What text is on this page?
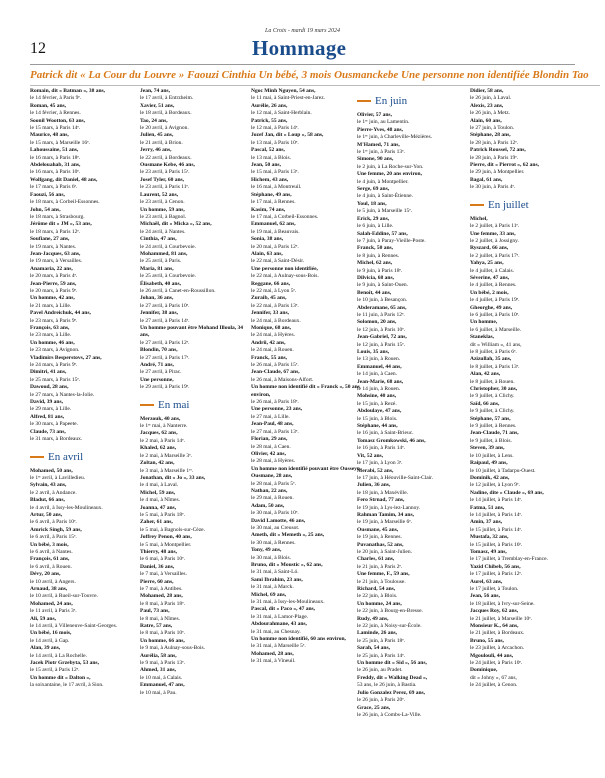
La Croix - mardi 19 mars 2024
12	Hommage
Patrick dit « La Cour du Louvre » Faouzi Cinthia Un bébé, 3 mois Ousmanckebe Une personne non identifiée Blondin Tao
Romain, dit « Batman », 38 ans,
le 14 février, à Paris 9ᵉ.
Roman, 45 ans,
le 14 février, à Rennes.
Soonil Wootton, 63 ans,
le 15 mars, à Paris 14ᵉ.
Maurice, 48 ans,
le 15 mars, à Marseille 16ᵉ.
Lahoussaine, 51 ans,
le 16 mars, à Paris 18ᵉ.
Abdelouahab, 31 ans,
le 16 mars, à Paris 10ᵉ.
Wolfgang, dit Daniel, 48 ans,
le 17 mars, à Paris 6ᵉ.
Faouzi, 56 ans,
le 18 mars, à Corbeil-Essonnes.
John, 54 ans,
le 18 mars, à Strasbourg.
Jérôme dit « JM », 53 ans,
le 18 mars, à Paris 12ᵉ.
Soufiane, 27 ans,
le 19 mars, à Nantes.
Jean-Jacques, 63 ans,
le 19 mars, à Versailles.
Anamaria, 22 ans,
le 20 mars, à Paris 4ᵉ.
Jean-Pierre, 59 ans,
le 20 mars, à Paris 9ᵉ.
Un homme, 42 ans,
le 21 mars, à Lille.
Pavel Andreichuk, 44 ans,
le 23 mars, à Paris 9ᵉ.
François, 63 ans,
le 23 mars, à Lille.
Un homme, 46 ans,
le 23 mars, à Avignon.
Vladimirs Besperstovs, 27 ans,
le 24 mars, à Paris 9ᵉ.
Dimitri, 41 ans,
le 25 mars, à Paris 15ᵉ.
Dawoud, 28 ans,
le 27 mars, à Nantes-la-Jolie.
David, 39 ans,
le 29 mars, à Lille.
Alfred, 81 ans,
le 30 mars, à Papeete.
Claude, 73 ans,
le 31 mars, à Bordeaux.
En avril
Mohamed, 50 ans,
le 1ᵉʳ avril, à Lavilledieu.
Sylvain, 43 ans,
le 2 avril, à Andance.
Bladut, 66 ans,
le 4 avril, à Issy-les-Moulineaux.
Artur, 50 ans,
le 6 avril, à Paris 10ᵉ.
Amrick Singh, 59 ans,
le 6 avril, à Paris 15ᵉ.
Un bébé, 3 mois,
le 6 avril, à Nantes.
François, 61 ans,
le 6 avril, à Rouen.
Dévy, 20 ans,
le 10 avril, à Angers.
Arnaud, 38 ans,
le 10 avril, à Rueil-sur-Touvre.
Mohamed, 24 ans,
le 11 avril, à Paris 3ᵉ.
Ali, 59 ans,
le 14 avril, à Villeneuve-Saint-Georges.
Un bébé, 16 mois,
le 14 avril, à Gap.
Alan, 39 ans,
le 14 avril, à La Rochelle.
Jacek Piotr Grzebyta, 53 ans,
le 15 avril, à Paris 12ᵉ.
Un homme dit « Dalton »,
la soixantaine, le 17 avril, à Sion.
Jean, 74 ans,
le 17 avril, à Entrzheim.
Xavier, 51 ans,
le 18 avril, à Bordeaux.
Tao, 24 ans,
le 20 avril, à Avignon.
Julien, 45 ans,
le 21 avril, à Brion.
Jerry, 46 ans,
le 22 avril, à Bordeaux.
Ousmane Kebe, 46 ans,
le 23 avril, à Paris 15ᵉ.
Josef Tyler, 60 ans,
le 23 avril, à Paris 11ᵉ.
Laurent, 52 ans,
le 23 avril, à Cenon.
Un homme, 59 ans,
le 23 avril, à Bagnol.
Michaël, dit « Micka », 52 ans,
le 24 avril, à Nantes.
Cinthia, 47 ans,
le 24 avril, à Courbevoie.
Mohammed, 81 ans,
le 25 avril, à Paris.
Maria, 81 ans,
le 25 avril, à Courbevoie.
Élisabeth, 40 ans,
le 26 avril, à Canet-en-Roussillon.
Johan, 36 ans,
le 27 avril, à Paris 10ᵉ.
Jennifer, 38 ans,
le 27 avril, à Paris 14ᵉ.
Un homme pouvant être Mohand Illoula, 34 ans,
le 27 avril, à Paris 12ᵉ.
Blondin, 70 ans,
le 27 avril, à Paris 17ᵉ.
André, 71 ans,
le 27 avril, à Pirac.
Une personne,
le 29 avril, à Paris 19ᵉ.
En mai
Merzouk, 40 ans,
le 1ᵉʳ mai, à Nanterre.
Jacques, 62 ans,
le 2 mai, à Paris 14ᵉ.
Khaled, 62 ans,
le 2 mai, à Marseille 3ᵉ.
Zoltan, 42 ans,
le 3 mai, à Marseille 1ᵉʳ.
Jonathan, dit « Jo », 33 ans,
le 4 mai, à Laval.
Michel, 59 ans,
le 4 mai, à Nîmes.
Joanna, 47 ans,
le 5 mai, à Paris 18ᵉ.
Zaher, 61 ans,
le 5 mai, à Bagnols-sur-Cèze.
Joffrey Penon, 40 ans,
le 5 mai, à Montpellier.
Thierry, 48 ans,
le 6 mai, à Paris 10ᵉ.
Daniel, 36 ans,
le 7 mai, à Versailles.
Pierre, 60 ans,
le 7 mai, à Antibes.
Mohamed, 28 ans,
le 8 mai, à Paris 18ᵉ.
Paul, 73 ans,
le 8 mai, à Nîmes.
Ratre, 57 ans,
le 8 mai, à Paris 10ᵉ.
Un homme, 66 ans,
le 9 mai, à Aulnay-sous-Bois.
Aurélia, 58 ans,
le 9 mai, à Paris 13ᵉ.
Ahmed, 31 ans,
le 10 mai, à Calais.
Emmanuel, 47 ans,
le 10 mai, à Pau.
Ngoc Minh Nguyen, 54 ans,
le 11 mai, à Saint-Priest-en-Jarez.
Aurélie, 26 ans,
le 12 mai, à Saint-Herblain.
Patrick, 55 ans,
le 12 mai, à Paris 14ᵉ.
Jozef Jan, dit « Loup », 58 ans,
le 13 mai, à Paris 10ᵉ.
Pascal, 52 ans,
le 13 mai, à Blois.
Jean, 50 ans,
le 15 mai, à Paris 13ᵉ.
Hichem, 43 ans,
le 16 mai, à Montreuil.
Stéphane, 49 ans,
le 17 mai, à Rennes.
Kasim, 74 ans,
le 17 mai, à Corbeil-Essonnes.
Emmanuel, 62 ans,
le 19 mai, à Beauvais.
Sonia, 38 ans,
le 20 mai, à Paris 12ᵉ.
Alain, 63 ans,
le 22 mai, à Saint-Désir.
Une personne non identifiée,
le 22 mai, à Aulnay-sous-Bois.
Reggane, 66 ans,
le 22 mai, à Lyon 5ᵉ.
Zuraib, 45 ans,
le 22 mai, à Paris 13ᵉ.
Jennifer, 33 ans,
le 24 mai, à Bordeaux.
Monique, 68 ans,
le 24 mai, à Hyères.
Andrii, 42 ans,
le 24 mai, à Rouen.
Franck, 55 ans,
le 26 mai, à Paris 15ᵉ.
Jean-Claude, 67 ans,
le 26 mai, à Maisons-Alfort.
Un homme non identifié dit « Franck », 50 ans environ,
le 26 mai, à Paris 18ᵉ.
Une personne, 23 ans,
le 27 mai, à Lille.
Jean-Paul, 48 ans,
le 27 mai, à Paris 13ᵉ.
Florian, 29 ans,
le 28 mai, à Caen.
Olivier, 42 ans,
le 28 mai, à Hyères.
Un homme non identifié pouvant être Ousseyn Ousmane, 28 ans,
le 28 mai, à Paris 5ᵉ.
Nathan, 22 ans,
le 29 mai, à Rouen.
Adam, 50 ans,
le 30 mai, à Paris 10ᵉ.
David Lamotte, 46 ans,
le 30 mai, au Creusot.
Ameth, dit « Memeth », 25 ans,
le 30 mai, à Rennes.
Tony, 49 ans,
le 30 mai, à Blois.
Bruno, dit « Moustic », 62 ans,
le 31 mai, à Saint-Ló.
Sami Ibrahim, 23 ans,
le 31 mai, à Marck.
Michel, 69 ans,
le 31 mai, à Issy-les-Moulineaux.
Pascal, dit « Paco », 47 ans,
le 31 mai, à Lamor-Plage.
Abdourahmane, 43 ans,
le 31 mai, au Chesnay.
Un homme non identifié, 60 ans environ,
le 31 mai, à Marseille 5ᵉ.
Mohamed, 28 ans,
le 31 mai, à Vineuil.
En juin
Olivier, 57 ans,
le 1ᵉʳ juin, au Lamentin.
Pierre-Yves, 48 ans,
le 1ᵉʳ juin, à Charleville-Mézières.
M'Hamed, 71 ans,
le 1ᵉʳ juin, à Paris 13ᵉ.
Simone, 90 ans,
le 2 juin, à La Roche-sur-Yon.
Une femme, 20 ans environ,
le 4 juin, à Montpellier.
Serge, 69 ans,
le 4 juin, à Saint-Étienne.
Youl, 18 ans,
le 5 juin, à Marseille 15ᵉ.
Erick, 29 ans,
le 6 juin, à Lille.
Salah-Eddine, 57 ans,
le 7 juin, à Paray-Vieille-Poste.
Franck, 50 ans,
le 8 juin, à Rennes.
Michel, 62 ans,
le 9 juin, à Paris 18ᵉ.
Dilvicia, 68 ans,
le 9 juin, à Saint-Ouen.
Benoît, 44 ans,
le 10 juin, à Besançon.
Abderamane, 65 ans,
le 11 juin, à Paris 12ᵉ.
Solomon, 20 ans,
le 12 juin, à Paris 10ᵉ.
Jean-Gabriel, 72 ans,
le 12 juin, à Paris 15ᵉ.
Louis, 35 ans,
le 13 juin, à Rouen.
Emmanuel, 44 ans,
le 14 juin, à Caen.
Jean-Marie, 68 ans,
le 14 juin, à Rouen.
Mohsine, 40 ans,
le 15 juin, à Rezé.
Abdoulaye, 47 ans,
le 15 juin, à Blois.
Stéphane, 44 ans,
le 16 juin, à Saint-Brieuc.
Tomasz Gromkowski, 46 ans,
le 16 juin, à Paris 14ᵉ.
Vit, 52 ans,
le 17 juin, à Lyon 3ᵉ.
Merabi, 52 ans,
le 17 juin, à Héouville-Saint-Clair.
Julien, 36 ans,
le 18 juin, à Maxéville.
Fero Strnad, 77 ans,
le 19 juin, à Lys-lez-Lannoy.
Rahman Tamim, 34 ans,
le 19 juin, à Marseille 6ᵉ.
Ousmane, 45 ans,
le 19 juin, à Rennes.
Puvanathas, 52 ans,
le 20 juin, à Saint-Julien.
Charles, 61 ans,
le 21 juin, à Paris 2ᵉ.
Une femme, F., 59 ans,
le 21 juin, à Toulouse.
Richard, 54 ans,
le 22 juin, à Blois.
Un homme, 24 ans,
le 22 juin, à Bourg-en-Bresse.
Rudy, 49 ans,
le 22 juin, à Noisy-sur-École.
Laminde, 26 ans,
le 25 juin, à Paris 18ᵉ.
Sarah, 54 ans,
le 25 juin, à Paris 14ᵉ.
Un homme dit « Sid », 56 ans,
le 26 juin, au Pradet.
Freddy, dit « Walking Dead »,
53 ans, le 26 juin, à Bastia.
Julio Gonzalez Perez, 69 ans,
le 26 juin, à Paris 20ᵉ.
Grace, 25 ans,
le 26 juin, à Combs-La-Ville.
Didier, 58 ans,
le 26 juin, à Laval.
Alexis, 23 ans,
le 26 juin, à Metz.
Alain, 60 ans,
le 27 juin, à Toulon.
Stéphane, 28 ans,
le 28 juin, à Paris 12ᵉ.
Patrick Roussel, 72 ans,
le 28 juin, à Paris 19ᵉ.
Pierre, dit « Pierrot », 62 ans,
le 29 juin, à Montpellier.
Bagal, 61 ans,
le 30 juin, à Paris 4ᵉ.
En juillet
Michel,
le 2 juillet, à Paris 11ᵉ.
Une femme, 33 ans,
le 2 juillet, à Jossigny.
Ryszard, 66 ans,
le 2 juillet, à Paris 17ᵉ.
Yahya, 25 ans,
le 4 juillet, à Calais.
Séverine, 47 ans,
le 4 juillet, à Rennes.
Un bébé, 2 mois,
le 4 juillet, à Paris 19ᵉ.
Gheorghe, 49 ans,
le 6 juillet, à Paris 10ᵉ.
Un homme,
le 6 juillet, à Marseille.
Staneklas,
dit « William », 41 ans,
le 8 juillet, à Paris 6ᵉ.
Azizullah, 35 ans,
le 8 juillet, à Paris 13ᵉ.
Alan, 42 ans,
le 8 juillet, à Rouen.
Christopher, 30 ans,
le 9 juillet, à Clichy.
Saïd, 66 ans,
le 9 juillet, à Clichy.
Stéphane, 57 ans,
le 9 juillet, à Rennes.
Jean-Claude, 71 ans,
le 9 juillet, à Blois.
Steven, 39 ans,
le 10 juillet, à Lens.
Raipaul, 49 ans,
le 10 juillet, à Tadarpu-Ouest.
Dominik, 42 ans,
le 12 juillet, à Lyon 9ᵉ.
Nadine, dite « Claude », 69 ans,
le 14 juillet, à Paris 14ᵉ.
Fatma, 51 ans,
le 14 juillet, à Paris 14ᵉ.
Amin, 37 ans,
le 15 juillet, à Paris 14ᵉ.
Mustafa, 32 ans,
le 15 juillet, à Paris 16ᵉ.
Tomasz, 49 ans,
le 17 juillet, à Tremblay-en-France.
Yazid Chibeb, 56 ans,
le 17 juillet, à Paris 12ᵉ.
Aurel, 63 ans,
le 17 juillet, à Toulon.
Jean, 56 ans,
le 18 juillet, à Ivry-sur-Seine.
Jacques Roy, 62 ans,
le 21 juillet, à Marseille 10ᵉ.
Monsieur K., 64 ans,
le 21 juillet, à Bordeaux.
Bruno, 55 ans,
le 23 juillet, à Arcachon.
Mgoulouli, 44 ans,
le 24 juillet, à Paris 10ᵉ.
Dominique,
dit « Johny », 67 ans,
le 24 juillet, à Cenon.
